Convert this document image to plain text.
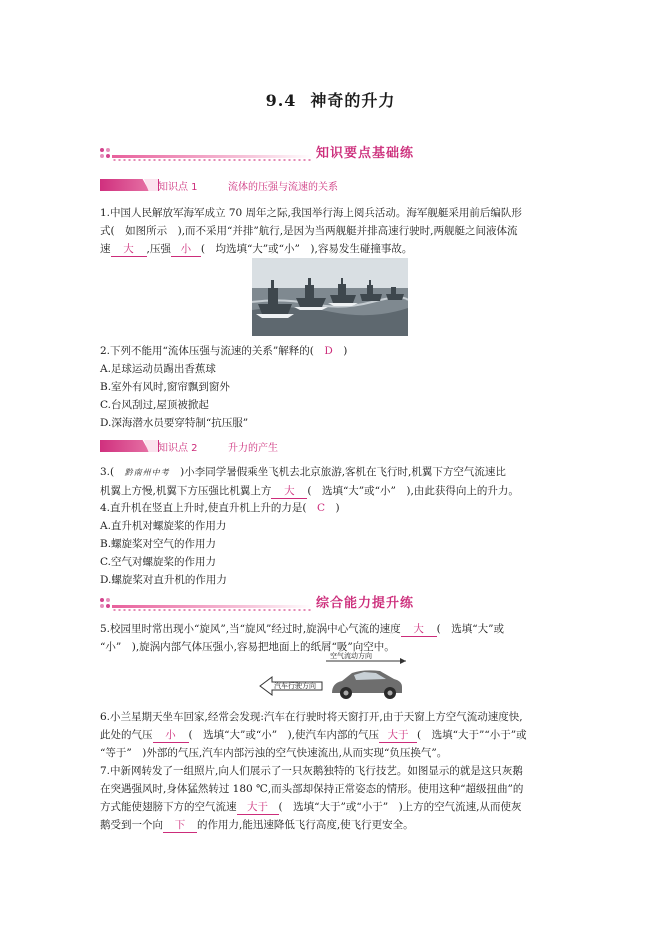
9.4 神奇的升力
知识要点基础练
知识点 1	流体的压强与流速的关系
1.中国人民解放军海军成立 70 周年之际,我国举行海上阅兵活动。海军舰艇采用前后编队形
式(　如图所示　),而不采用“并排”航行,是因为当两舰艇并排高速行驶时,两舰艇之间液体流
速 大 ,压强 小 (　均选填“大”或“小”　),容易发生碰撞事故。
2.下列不能用“流体压强与流速的关系”解释的(　D　)
A.足球运动员踢出香蕉球
B.室外有风时,窗帘飘到窗外
C.台风刮过,屋顶被掀起
D.深海潜水员要穿特制“抗压服”
知识点 2	升力的产生
3.(　黔南州中考　)小李同学暑假乘坐飞机去北京旅游,客机在飞行时,机翼下方空气流速比
机翼上方慢,机翼下方压强比机翼上方 大 (　选填“大”或“小”　),由此获得向上的升力。
4.直升机在竖直上升时,使直升机上升的力是(　C　)
A.直升机对螺旋桨的作用力
B.螺旋桨对空气的作用力
C.空气对螺旋桨的作用力
D.螺旋桨对直升机的作用力
综合能力提升练
5.校园里时常出现小“旋风”,当“旋风”经过时,旋涡中心气流的速度 大 (　选填“大”或
“小”　),旋涡内部气体压强小,容易把地面上的纸屑“吸”向空中。
空气流动方向
汽车行驶方向
6.小兰星期天坐车回家,经常会发现:汽车在行驶时将天窗打开,由于天窗上方空气流动速度快,
此处的气压 小 (　选填“大”或“小”　),使汽车内部的气压 大于 (　选填“大于”“小于”或
“等于”　)外部的气压,汽车内部污浊的空气快速流出,从而实现“负压换气”。
7.中新网转发了一组照片,向人们展示了一只灰鹅独特的飞行技艺。如图显示的就是这只灰鹅
在突遇强风时,身体猛然转过 180 ℃,而头部却保持正常姿态的情形。使用这种“超级扭曲”的
方式能使翅膀下方的空气流速 大于 (　选填“大于”或“小于”　)上方的空气流速,从而使灰
鹅受到一个向 下 的作用力,能迅速降低飞行高度,使飞行更安全。
